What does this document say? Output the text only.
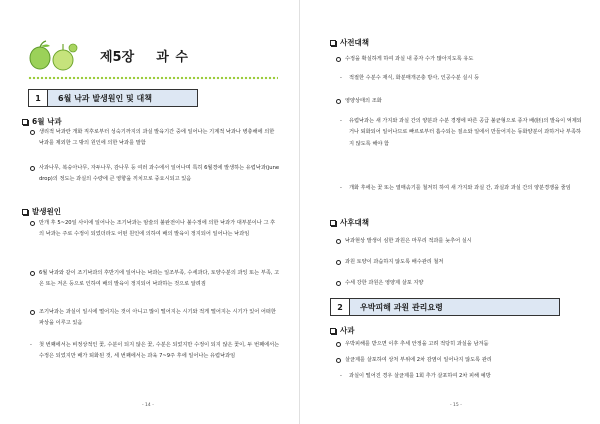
제5장 과 수
1	6월 낙과 발생원인 및 대책
6월 낙과
생리적 낙과란 개화 직후로부터 성숙기까지의 과실 발육기간 중에 일어나는 기계적 낙과나 병충해에 의한 낙과를 제외한 그 밖의 원인에 의한 낙과를 말함
사과나무, 복숭아나무, 자두나무, 감나무 등 여러 과수에서 일어나며 특히 6월경에 발생하는 유럽낙과(june drop)의 정도는 과실의 수량에 큰 영향을 끼치므로 중요시되고 있음
발생원인
만개 후 5~20일 사이에 일어나는 조기낙과는 암술의 불완전이나 불수정에 의한 낙과가 대부분이나 그 후의 낙과는 주로 수정이 되었더라도 어떤 원인에 의하여 배의 발육이 정지되어 일어나는 낙과임
6월 낙과와 같이 조기낙과의 후반기에 일어나는 낙과는 일조부족, 수세과다, 토양수분의 과잉 또는 부족, 고온 또는 저온 등으로 인하여 배의 발육이 정지되어 낙과하는 것으로 알려짐
조기낙과는 과실이 일시에 떨어지는 것이 아니고 많이 떨어지는 시기와 적게 떨어지는 시기가 있어 어떠한 파상을 이루고 있음
-	첫 번째에서는 비정상적인 꽃, 수분이 되지 않은 꽃, 수분은 되었지만 수정이 되지 않은 꽃이, 두 번째에서는 수정은 되었지만 배가 퇴화된 것, 세 번째에서는 과육 7~9주 후에 일어나는 유럽낙과임
- 14 -
사전대책
수정을 확실하게 하여 과실 내 종자 수가 많아지도록 유도
-	적절한 수분수 재식, 화분매개곤충 방사, 인공수분 실시 등
영양상태의 조화
-	유럽낙과는 새 가지와 과실 간의 양분과 수분 경쟁에 따른 공급 불균형으로 종자 배(胚)의 발육이 억제되거나 퇴화되어 일어나므로 빠르로부터 흡수되는 질소와 일에서 만들어지는 동화양분이 과하거나 부족하지 않도록 해야 함
-	개화 후에는 꽃 또는 열매솎기를 철저히 하여 새 가지와 과실 간, 과실과 과실 간의 양분경쟁을 줄임
사후대책
낙과현상 발생이 심한 과원은 마무리 적과를 늦추어 실시
과원 토양이 과습하지 않도록 배수관리 철저
수세 강한 과원은 영양제 살포 지양
2	우박피해 과원 관리요령
사과
우박피해를 받으면 이후 추세 안정을 고려 적당히 과실을 남겨둠
살균제를 살포하여 상처 부위에 2차 감염이 일어나지 않도록 관리
-	과실이 떨어진 경우 살균제를 1회 추가 살포하여 2차 피해 예방
- 15 -
